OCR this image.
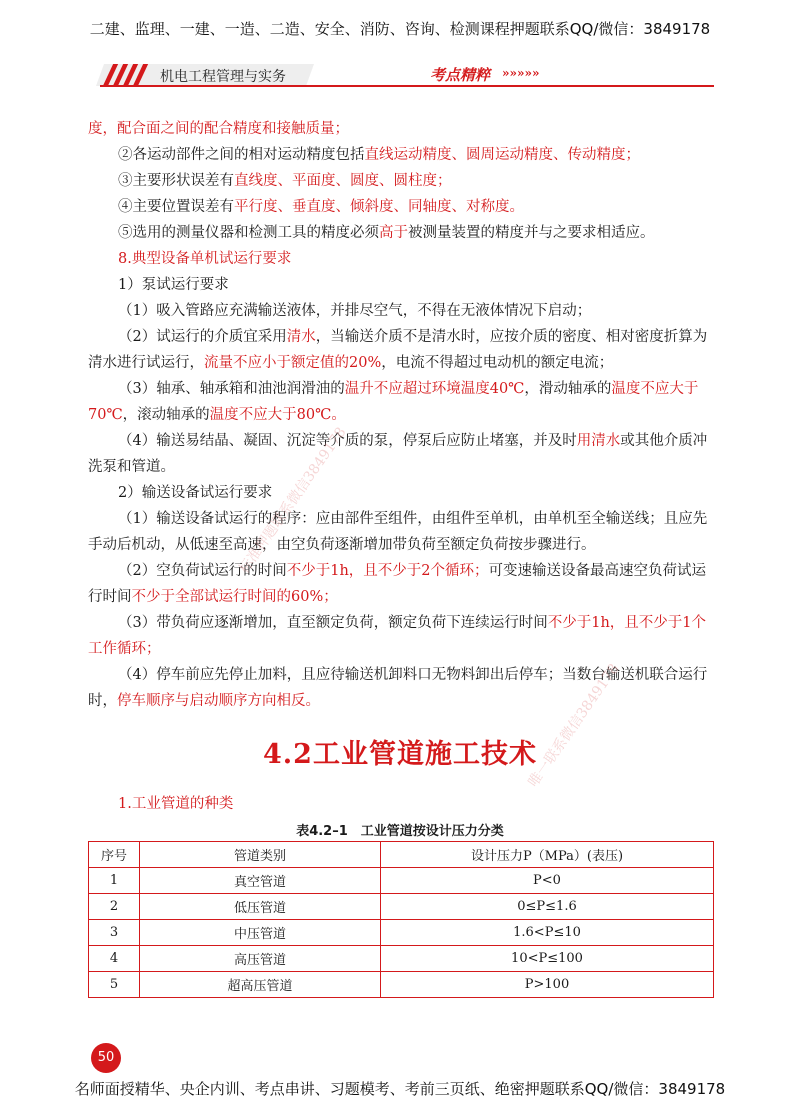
二建、监理、一建、一造、二造、安全、消防、咨询、检测课程押题联系QQ/微信：3849178
机电工程管理与实务	考点精粹 »»»»»

度，配合面之间的配合精度和接触质量；

②各运动部件之间的相对运动精度包括直线运动精度、圆周运动精度、传动精度；

③主要形状误差有直线度、平面度、圆度、圆柱度；

④主要位置误差有平行度、垂直度、倾斜度、同轴度、对称度。

⑤选用的测量仪器和检测工具的精度必须高于被测量装置的精度并与之要求相适应。

8.典型设备单机试运行要求

1）泵试运行要求

（1）吸入管路应充满输送液体，并排尽空气，不得在无液体情况下启动；

（2）试运行的介质宜采用清水，当输送介质不是清水时，应按介质的密度、相对密度折算为清水进行试运行，流量不应小于额定值的20%，电流不得超过电动机的额定电流；

（3）轴承、轴承箱和油池润滑油的温升不应超过环境温度40℃，滑动轴承的温度不应大于70℃，滚动轴承的温度不应大于80℃。

（4）输送易结晶、凝固、沉淀等介质的泵，停泵后应防止堵塞，并及时用清水或其他介质冲洗泵和管道。

2）输送设备试运行要求

（1）输送设备试运行的程序：应由部件至组件，由组件至单机，由单机至全输送线；且应先手动后机动，从低速至高速，由空负荷逐渐增加带负荷至额定负荷按步骤进行。

（2）空负荷试运行的时间不少于1h，且不少于2个循环；可变速输送设备最高速空负荷试运行时间不少于全部试运行时间的60%；

（3）带负荷应逐渐增加，直至额定负荷，额定负荷下连续运行时间不少于1h，且不少于1个工作循环；

（4）停车前应先停止加料，且应待输送机卸料口无物料卸出后停车；当数台输送机联合运行时，停车顺序与启动顺序方向相反。

4.2工业管道施工技术
1.工业管道的种类
表4.2–1　工业管道按设计压力分类
序号	管道类别	设计压力P（MPa）(表压)
1	真空管道	P<0
2	低压管道	0≤P≤1.6
3	中压管道	1.6<P≤10
4	高压管道	10<P≤100
5	超高压管道	P>100
标准押题联系微信3849178
唯一联系微信3849178
50
名师面授精华、央企内训、考点串讲、习题模考、考前三页纸、绝密押题联系QQ/微信：3849178
